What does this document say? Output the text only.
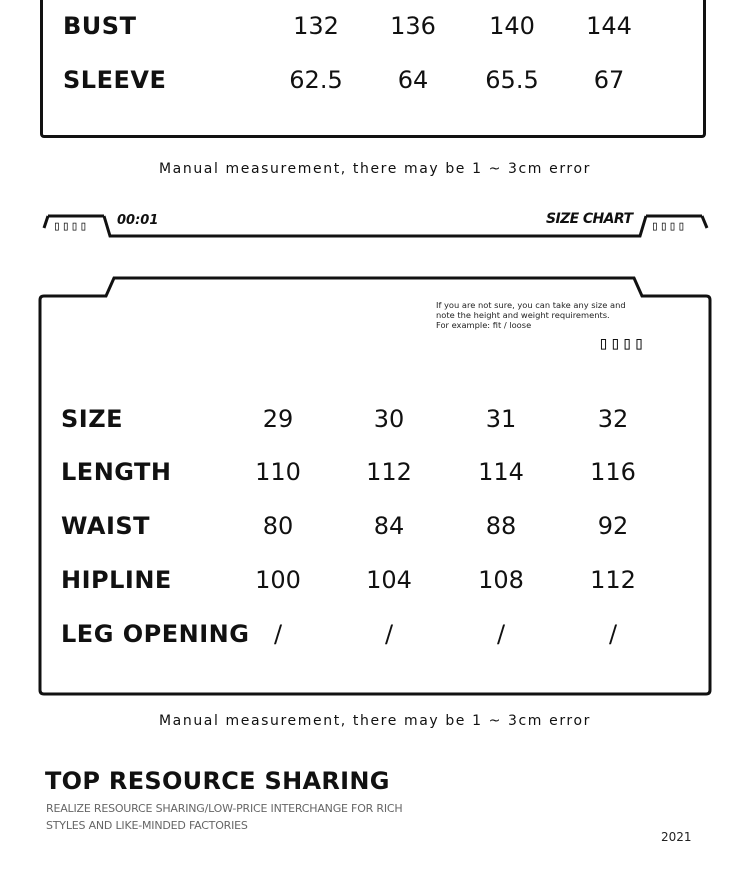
BUST	132	136	140	144
SLEEVE	62.5	64	65.5	67
Manual measurement, there may be 1 ~ 3cm error
▯▯▯▯ 00:01	SIZE CHART ▯▯▯▯
If you are not sure, you can take any size and
note the height and weight requirements.
For example: fit / loose
▯▯▯▯
SIZE	29	30	31	32
LENGTH	110	112	114	116
WAIST	80	84	88	92
HIPLINE	100	104	108	112
LEG OPENING	/	/	/	/
Manual measurement, there may be 1 ~ 3cm error
TOP RESOURCE SHARING
REALIZE RESOURCE SHARING/LOW-PRICE INTERCHANGE FOR RICH
STYLES AND LIKE-MINDED FACTORIES
2021
